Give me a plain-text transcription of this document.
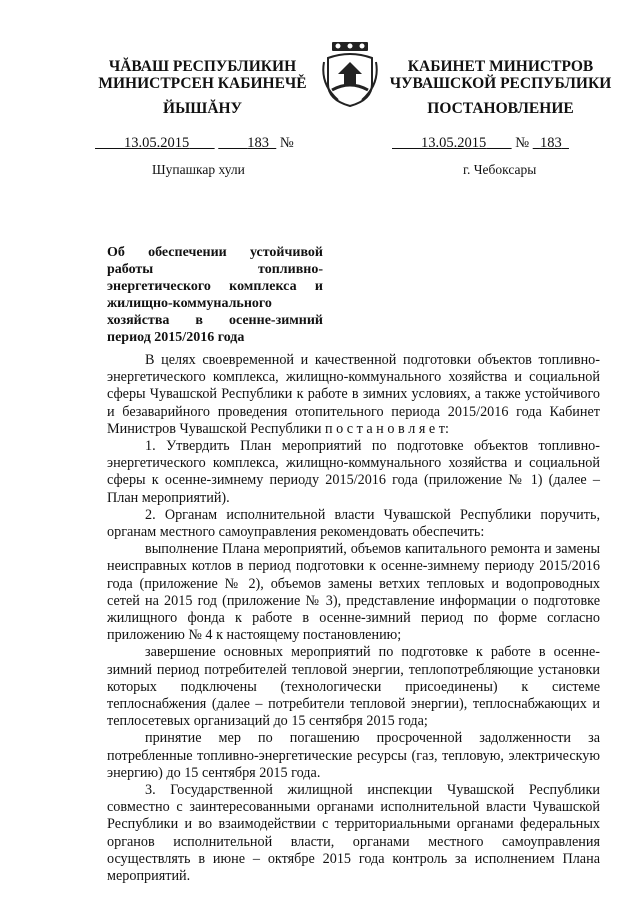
ЧĂВАШ РЕСПУБЛИКИН
МИНИСТРСЕН КАБИНЕЧĚ
ЙЫШĂНУ
КАБИНЕТ МИНИСТРОВ
ЧУВАШСКОЙ РЕСПУБЛИКИ
ПОСТАНОВЛЕНИЕ
13.05.2015	183 №	13.05.2015 № 183
Шупашкар хули	г. Чебоксары
Об обеспечении устойчивой работы топливно-энергетического комплекса и жилищно-коммунального хозяйства в осенне-зимний период 2015/2016 года

В целях своевременной и качественной подготовки объектов топливно-энергетического комплекса, жилищно-коммунального хозяйства и социальной сферы Чувашской Республики к работе в зимних условиях, а также устойчивого и безаварийного проведения отопительного периода 2015/2016 года Кабинет Министров Чувашской Республики п о с т а н о в л я е т:

1. Утвердить План мероприятий по подготовке объектов топливно-энергетического комплекса, жилищно-коммунального хозяйства и социальной сферы к осенне-зимнему периоду 2015/2016 года (приложение № 1) (далее – План мероприятий).

2. Органам исполнительной власти Чувашской Республики поручить, органам местного самоуправления рекомендовать обеспечить:

выполнение Плана мероприятий, объемов капитального ремонта и замены неисправных котлов в период подготовки к осенне-зимнему периоду 2015/2016 года (приложение № 2), объемов замены ветхих тепловых и водопроводных сетей на 2015 год (приложение № 3), представление информации о подготовке жилищного фонда к работе в осенне-зимний период по форме согласно приложению № 4 к настоящему постановлению;

завершение основных мероприятий по подготовке к работе в осенне-зимний период потребителей тепловой энергии, теплопотребляющие установки которых подключены (технологически присоединены) к системе теплоснабжения (далее – потребители тепловой энергии), теплоснабжающих и теплосетевых организаций до 15 сентября 2015 года;

принятие мер по погашению просроченной задолженности за потребленные топливно-энергетические ресурсы (газ, тепловую, электрическую энергию) до 15 сентября 2015 года.

3. Государственной жилищной инспекции Чувашской Республики совместно с заинтересованными органами исполнительной власти Чувашской Республики и во взаимодействии с территориальными органами федеральных органов исполнительной власти, органами местного самоуправления осуществлять в июне – октябре 2015 года контроль за исполнением Плана мероприятий.
